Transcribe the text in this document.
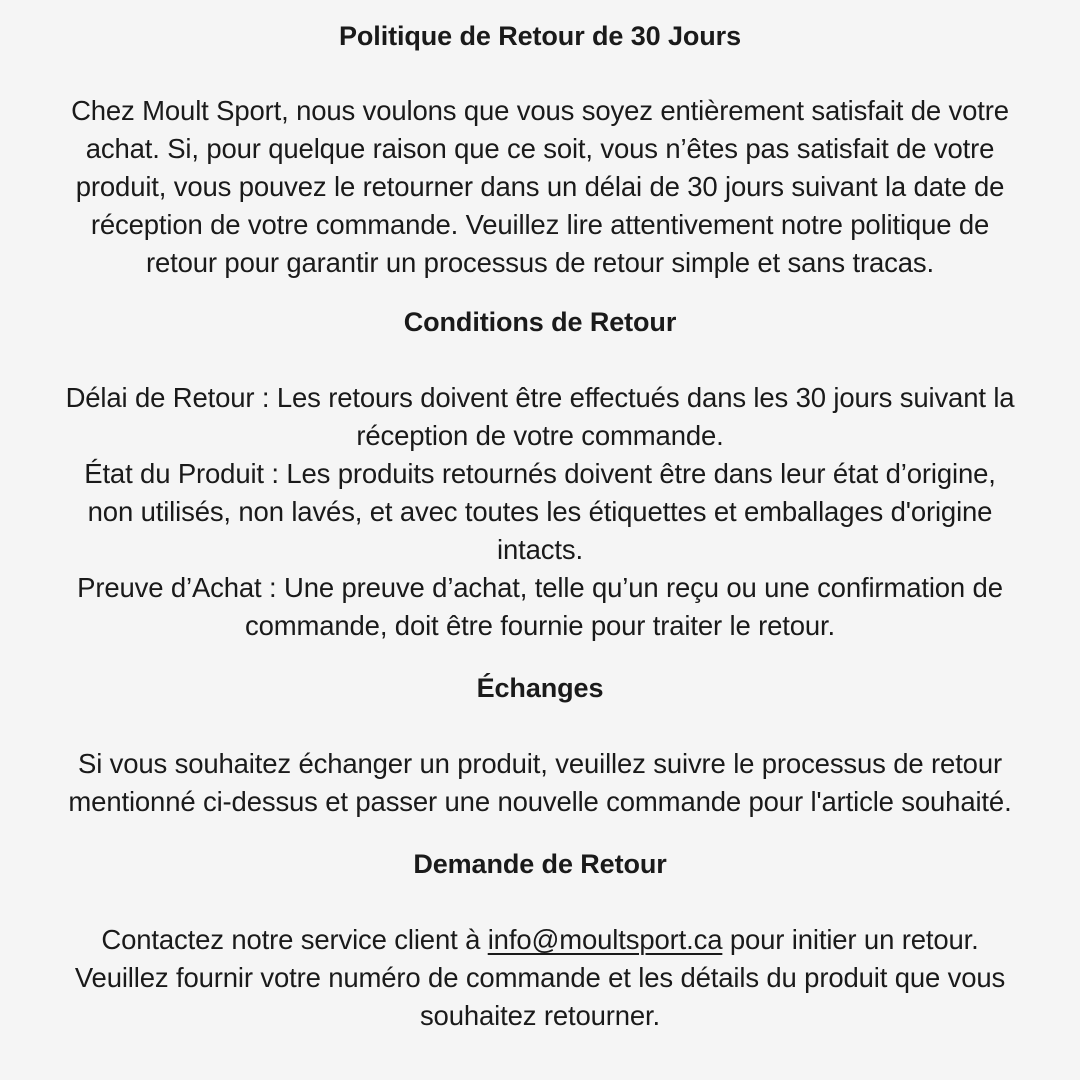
Politique de Retour de 30 Jours

Chez Moult Sport, nous voulons que vous soyez entièrement satisfait de votre
achat. Si, pour quelque raison que ce soit, vous n’êtes pas satisfait de votre
produit, vous pouvez le retourner dans un délai de 30 jours suivant la date de
réception de votre commande. Veuillez lire attentivement notre politique de
retour pour garantir un processus de retour simple et sans tracas.

Conditions de Retour

Délai de Retour : Les retours doivent être effectués dans les 30 jours suivant la
réception de votre commande.
État du Produit : Les produits retournés doivent être dans leur état d’origine,
non utilisés, non lavés, et avec toutes les étiquettes et emballages d'origine
intacts.
Preuve d’Achat : Une preuve d’achat, telle qu’un reçu ou une confirmation de
commande, doit être fournie pour traiter le retour.

Échanges

Si vous souhaitez échanger un produit, veuillez suivre le processus de retour
mentionné ci-dessus et passer une nouvelle commande pour l'article souhaité.

Demande de Retour

Contactez notre service client à info@moultsport.ca pour initier un retour.
Veuillez fournir votre numéro de commande et les détails du produit que vous
souhaitez retourner.
